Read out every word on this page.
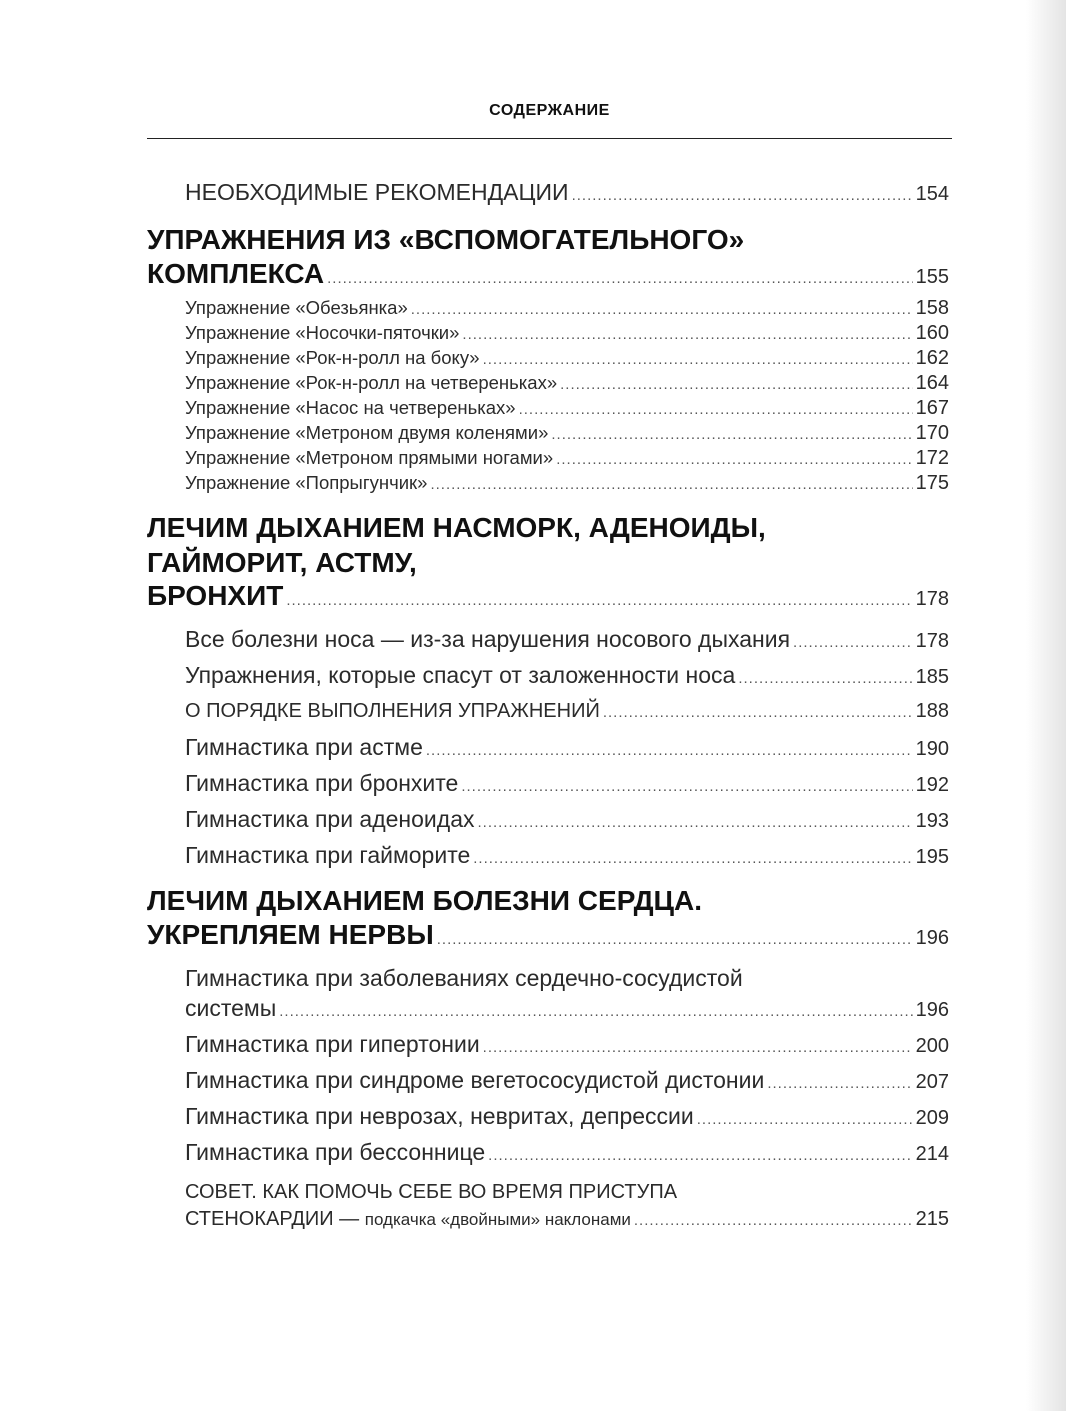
СОДЕРЖАНИЕ
НЕОБХОДИМЫЕ РЕКОМЕНДАЦИИ .....	154
УПРАЖНЕНИЯ ИЗ «ВСПОМОГАТЕЛЬНОГО»
КОМПЛЕКСА .....	155
Упражнение «Обезьянка» .....	158
Упражнение «Носочки-пяточки» .....	160
Упражнение «Рок-н-ролл на боку» .....	162
Упражнение «Рок-н-ролл на четвереньках» .....	164
Упражнение «Насос на четвереньках» .....	167
Упражнение «Метроном двумя коленями» .....	170
Упражнение «Метроном прямыми ногами» .....	172
Упражнение «Попрыгунчик» .....	175
ЛЕЧИМ ДЫХАНИЕМ НАСМОРК, АДЕНОИДЫ,
ГАЙМОРИТ, АСТМУ,
БРОНХИТ .....	178
Все болезни носа — из-за нарушения носового дыхания .....	178
Упражнения, которые спасут от заложенности носа .....	185
О ПОРЯДКЕ ВЫПОЛНЕНИЯ УПРАЖНЕНИЙ .....	188
Гимнастика при астме .....	190
Гимнастика при бронхите .....	192
Гимнастика при аденоидах .....	193
Гимнастика при гайморите .....	195
ЛЕЧИМ ДЫХАНИЕМ БОЛЕЗНИ СЕРДЦА.
УКРЕПЛЯЕМ НЕРВЫ .....	196
Гимнастика при заболеваниях сердечно-сосудистой
системы .....	196
Гимнастика при гипертонии .....	200
Гимнастика при синдроме вегетососудистой дистонии .....	207
Гимнастика при неврозах, невритах, депрессии .....	209
Гимнастика при бессоннице .....	214
СОВЕТ. КАК ПОМОЧЬ СЕБЕ ВО ВРЕМЯ ПРИСТУПА
СТЕНОКАРДИИ — подкачка «двойными» наклонами .....	215
